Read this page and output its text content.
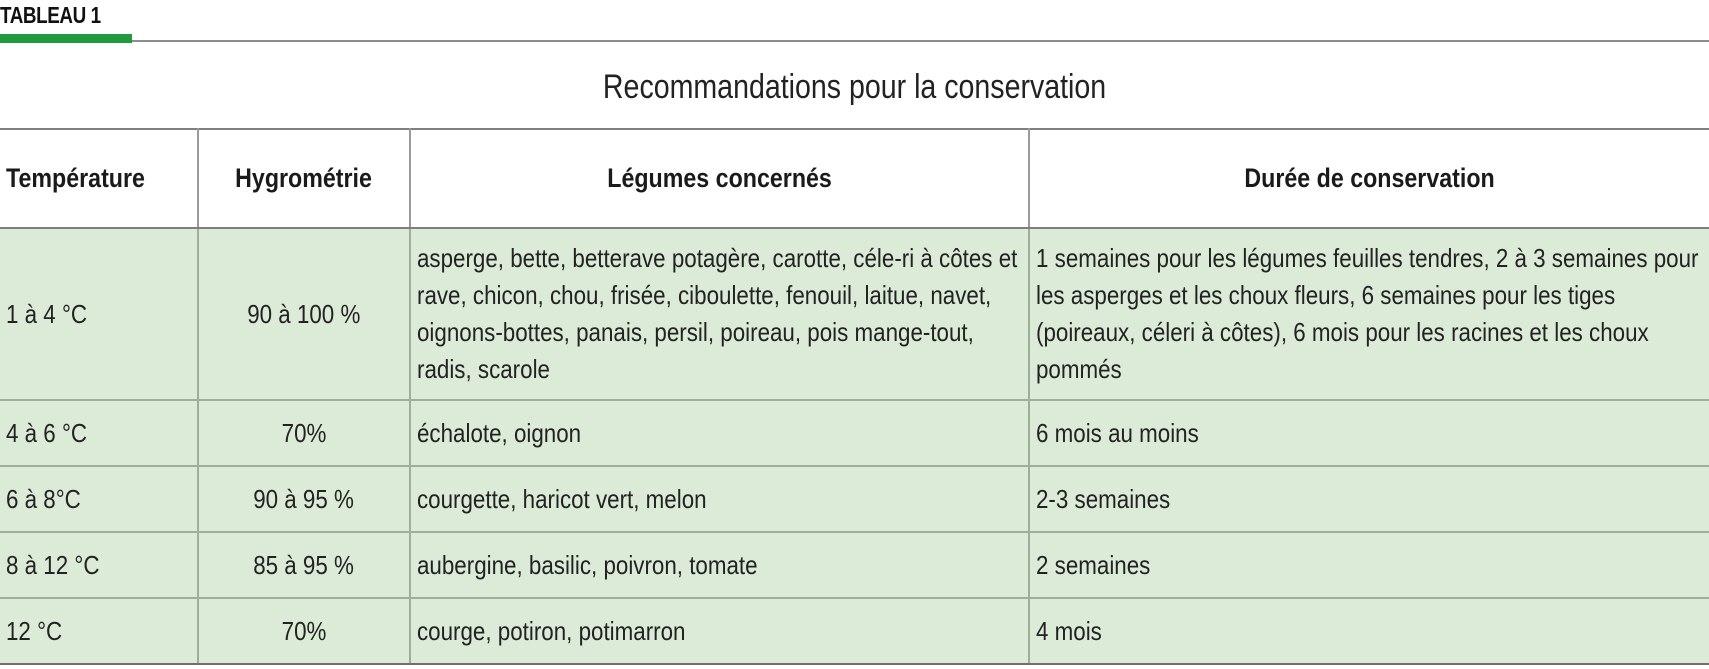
TABLEAU 1
Recommandations pour la conservation
Température	Hygrométrie	Légumes concernés	Durée de conservation
1 à 4 °C	90 à 100 %	asperge, bette, betterave potagère, carotte, céle-ri à côtes et rave, chicon, chou, frisée, ciboulette, fenouil, laitue, navet, oignons-bottes, panais, persil, poireau, pois mange-tout, radis, scarole	1 semaines pour les légumes feuilles tendres, 2 à 3 semaines pour les asperges et les choux fleurs, 6 semaines pour les tiges (poireaux, céleri à côtes), 6 mois pour les racines et les choux pommés

4 à 6 °C	70%	échalote, oignon	6 mois au moins
6 à 8°C	90 à 95 %	courgette, haricot vert, melon	2-3 semaines
8 à 12 °C	85 à 95 %	aubergine, basilic, poivron, tomate	2 semaines
12 °C	70%	courge, potiron, potimarron	4 mois
